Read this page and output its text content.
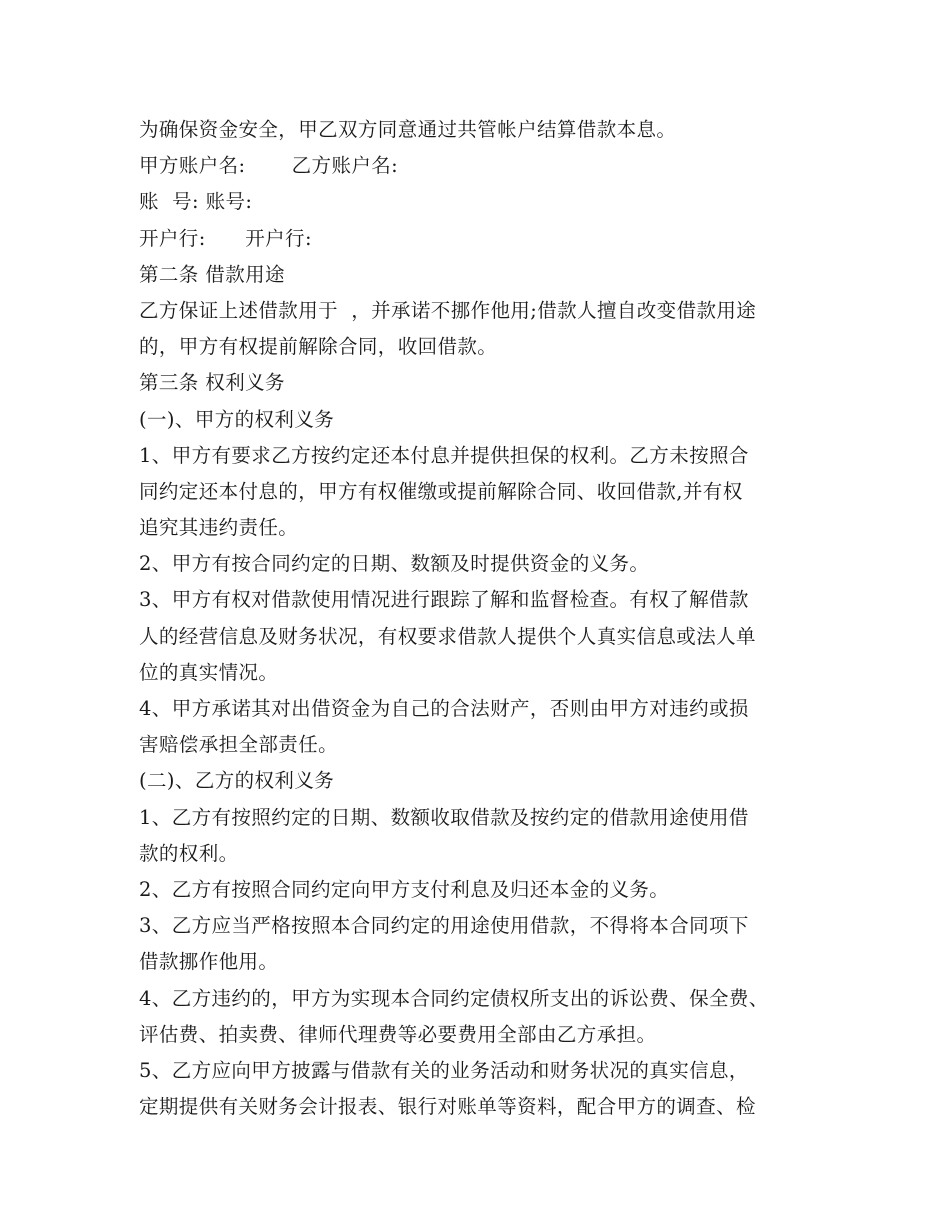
为确保资金安全，甲乙双方同意通过共管帐户结算借款本息。
甲方账户名:       乙方账户名:
账  号: 账号:
开户行:      开户行:
第二条 借款用途
乙方保证上述借款用于  ，并承诺不挪作他用;借款人擅自改变借款用途
的，甲方有权提前解除合同，收回借款。
第三条 权利义务
(一)、甲方的权利义务
1、甲方有要求乙方按约定还本付息并提供担保的权利。乙方未按照合
同约定还本付息的，甲方有权催缴或提前解除合同、收回借款,并有权
追究其违约责任。
2、甲方有按合同约定的日期、数额及时提供资金的义务。
3、甲方有权对借款使用情况进行跟踪了解和监督检查。有权了解借款
人的经营信息及财务状况，有权要求借款人提供个人真实信息或法人单
位的真实情况。
4、甲方承诺其对出借资金为自己的合法财产，否则由甲方对违约或损
害赔偿承担全部责任。
(二)、乙方的权利义务
1、乙方有按照约定的日期、数额收取借款及按约定的借款用途使用借
款的权利。
2、乙方有按照合同约定向甲方支付利息及归还本金的义务。
3、乙方应当严格按照本合同约定的用途使用借款，不得将本合同项下
借款挪作他用。
4、乙方违约的，甲方为实现本合同约定债权所支出的诉讼费、保全费、
评估费、拍卖费、律师代理费等必要费用全部由乙方承担。
5、乙方应向甲方披露与借款有关的业务活动和财务状况的真实信息，
定期提供有关财务会计报表、银行对账单等资料，配合甲方的调查、检
